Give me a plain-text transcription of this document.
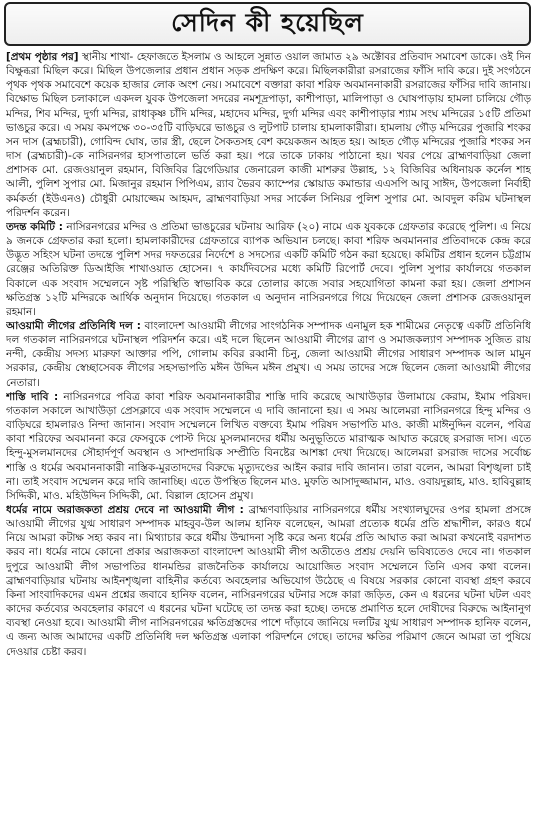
সেদিন কী হয়েছিল

[প্রথম পৃষ্ঠার পর] স্থানীয় শাখা- হেফাজতে ইসলাম ও আহলে সুন্নাত ওয়াল জামাত ২৯ অক্টোবর প্রতিবাদ সমাবেশ ডাকে। ওই দিন বিক্ষুব্ধরা মিছিল করে। মিছিল উপজেলার প্রধান প্রধান সড়ক প্রদক্ষিণ করে। মিছিলকারীরা রসরাজের ফাঁসি দাবি করে। দুই সংগঠনে পৃথক পৃথক সমাবেশে কয়েক হাজার লোক অংশ নেয়। সমাবেশে বক্তারা কাবা শরিফ অবমাননাকারী রসরাজের ফাঁসির দাবি জানায়। বিক্ষোভ মিছিল চলাকালে একদল যুবক উপজেলা সদরের নমশূদ্রপাড়া, কাশীপাড়া, মালিপাড়া ও ঘোষপাড়ায় হামলা চালিয়ে গৌড় মন্দির, শিব মন্দির, দুর্গা মন্দির, রাধাকৃষ্ণ চাঁদি মন্দির, মহাদেব মন্দির, দুর্গা মন্দির এবং কাশীপাড়ার শ্যাম সংঘ মন্দিরের ১৫টি প্রতিমা ভাঙচুর করে। এ সময় কমপক্ষে ৩০-৩৫টি বাড়িঘরে ভাঙচুর ও লুটপাট চালায় হামলাকারীরা। হামলায় গৌড় মন্দিরের পুজারি শংকর সন দাস (ব্রহ্মচারী), গোবিন্দ ঘোষ, তার স্ত্রী, ছেলে সৈকতসহ বেশ কয়েকজন আহত হয়। আহত গৌড় মন্দিরের পুজারি শংকর সন দাস (ব্রহ্মচারী)-কে নাসিরনগর হাসপাতালে ভর্তি করা হয়। পরে তাকে ঢাকায় পাঠানো হয়। খবর পেয়ে ব্রাহ্মণবাড়িয়া জেলা প্রশাসক মো. রেজওয়ানুল রহমান, বিজিবির ব্রিগেডিয়ার জেনারেল কাজী মাশরুর উল্লাহ, ১২ বিজিবির অধিনায়ক কর্নেল শাহ আলী, পুলিশ সুপার মো. মিজানুর রহমান পিপিএম, র‍্যাব ভৈরব ক্যাম্পের স্কোয়াড কমান্ডার এএসপি আবু সাঈদ, উপজেলা নির্বাহী কর্মকর্তা (ইউএনও) চৌধুরী মোয়াজ্জেম আহমদ, ব্রাহ্মণবাড়িয়া সদর সার্কেল সিনিয়র পুলিশ সুপার মো. আবদুল করিম ঘটনাস্থল পরিদর্শন করেন।

তদন্ত কমিটি : নাসিরনগরের মন্দির ও প্রতিমা ভাঙচুরের ঘটনায় আরিফ (২০) নামে এক যুবককে গ্রেফতার করেছে পুলিশ। এ নিয়ে ৯ জনকে গ্রেফতার করা হলো। হামলাকারীদের গ্রেফতারে ব্যাপক অভিযান চলছে। কাবা শরিফ অবমাননার প্রতিবাদকে কেন্দ্র করে উদ্ভূত সহিংস ঘটনা তদন্তে পুলিশ সদর দফতরের নির্দেশে ৪ সদস্যের একটি কমিটি গঠন করা হয়েছে। কমিটির প্রধান হলেন চট্টগ্রাম রেঞ্জের অতিরিক্ত ডিআইজি শাখাওয়াত হোসেন। ৭ কার্যদিবসের মধ্যে কমিটি রিপোর্ট দেবে। পুলিশ সুপার কার্যালয়ে গতকাল বিকালে এক সংবাদ সম্মেলনে সৃষ্ট পরিস্থিতি স্বাভাবিক করে তোলার কাজে সবার সহযোগিতা কামনা করা হয়। জেলা প্রশাসন ক্ষতিগ্রস্ত ১২টি মন্দিরকে আর্থিক অনুদান দিয়েছে। গতকাল এ অনুদান নাসিরনগরে গিয়ে দিয়েছেন জেলা প্রশাসক রেজওয়ানুল রহমান।

আওয়ামী লীগের প্রতিনিধি দল : বাংলাদেশ আওয়ামী লীগের সাংগঠনিক সম্পাদক এনামুল হক শামীমের নেতৃত্বে একটি প্রতিনিধি দল গতকাল নাসিরনগরে ঘটনাস্থল পরিদর্শন করে। এই দলে ছিলেন আওয়ামী লীগের ত্রাণ ও সমাজকল্যাণ সম্পাদক সুজিত রায় নন্দী, কেন্দ্রীয় সদস্য মারুফা আক্তার পপি, গোলাম কবির রব্বানী চিনু, জেলা আওয়ামী লীগের সাধারণ সম্পাদক আল মামুন সরকার, কেন্দ্রীয় স্বেচ্ছাসেবক লীগের সহসভাপতি মঈন উদ্দিন মঈন প্রমুখ। এ সময় তাদের সঙ্গে ছিলেন জেলা আওয়ামী লীগের নেতারা।

শাস্তি দাবি : নাসিরনগরে পবিত্র কাবা শরিফ অবমাননাকারীর শাস্তি দাবি করেছে আখাউড়ার উলামায়ে কেরাম, ইমাম পরিষদ। গতকাল সকালে আখাউড়া প্রেসক্লাবে এক সংবাদ সম্মেলনে এ দাবি জানানো হয়। এ সময় আলেমরা নাসিরনগরে হিন্দু মন্দির ও বাড়িঘরে হামলারও নিন্দা জানান। সংবাদ সম্মেলনে লিখিত বক্তব্যে ইমাম পরিষদ সভাপতি মাও. কাজী মাঈনুদ্দিন বলেন, পবিত্র কাবা শরিফের অবমাননা করে ফেসবুকে পোস্ট দিয়ে মুসলমানদের ধর্মীয় অনুভূতিতে মারাত্মক আঘাত করেছে রসরাজ দাস। এতে হিন্দু-মুসলমানদের সৌহার্দপূর্ণ অবস্থান ও সাম্প্রদায়িক সম্প্রীতি বিনষ্টের আশঙ্কা দেখা দিয়েছে। আলেমরা রসরাজ দাসের সর্বোচ্চ শাস্তি ও ধর্মের অবমাননাকারী নাস্তিক-মুরতাদদের বিরুদ্ধে মৃত্যুদণ্ডের আইন করার দাবি জানান। তারা বলেন, আমরা বিশৃঙ্খলা চাই না। তাই সংবাদ সম্মেলন করে দাবি জানাচ্ছি। এতে উপস্থিত ছিলেন মাও. মুফতি আসাদুজ্জামান, মাও. ওবায়দুল্লাহ, মাও. হাবিবুল্লাহ সিদ্দিকী, মাও. মহিউদ্দিন সিদ্দিকী, মো. বিল্লাল হোসেন প্রমুখ।

ধর্মের নামে অরাজকতা প্রশ্রয় দেবে না আওয়ামী লীগ : ব্রাহ্মণবাড়িয়ার নাসিরনগরে ধর্মীয় সংখ্যালঘুদের ওপর হামলা প্রসঙ্গে আওয়ামী লীগের যুগ্ম সাধারণ সম্পাদক মাহবুব-উল আলম হানিফ বলেছেন, আমরা প্রত্যেক ধর্মের প্রতি শ্রদ্ধাশীল, কারও ধর্মে নিয়ে আমরা কটাক্ষ সহ্য করব না। মিথ্যাচার করে ধর্মীয় উন্মাদনা সৃষ্টি করে অন্য ধর্মের প্রতি আঘাত করা আমরা কখনোই বরদাশত করব না। ধর্মের নামে কোনো প্রকার অরাজকতা বাংলাদেশ আওয়ামী লীগ অতীতেও প্রশ্রয় দেয়নি ভবিষ্যতেও দেবে না। গতকাল দুপুরে আওয়ামী লীগ সভাপতির ধানমন্ডির রাজনৈতিক কার্যালয়ে আয়োজিত সংবাদ সম্মেলনে তিনি এসব কথা বলেন। ব্রাহ্মণবাড়িয়ার ঘটনায় আইনশৃঙ্খলা বাহিনীর কর্তব্যে অবহেলার অভিযোগ উঠেছে এ বিষয়ে সরকার কোনো ব্যবস্থা গ্রহণ করবে কিনা সাংবাদিকদের এমন প্রশ্নের জবাবে হানিফ বলেন, নাসিরনগরের ঘটনার সঙ্গে কারা জড়িত, কেন এ ধরনের ঘটনা ঘটল এবং কাদের কর্তব্যের অবহেলার কারণে এ ধরনের ঘটনা ঘটেছে তা তদন্ত করা হচ্ছে। তদন্তে প্রমাণিত হলে দোষীদের বিরুদ্ধে আইনানুগ ব্যবস্থা নেওয়া হবে। আওয়ামী লীগ নাসিরনগরের ক্ষতিগ্রস্তদের পাশে দাঁড়াবে জানিয়ে দলটির যুগ্ম সাধারণ সম্পাদক হানিফ বলেন, এ জন্য আজ আমাদের একটি প্রতিনিধি দল ক্ষতিগ্রস্ত এলাকা পরিদর্শনে গেছে। তাদের ক্ষতির পরিমাণ জেনে আমরা তা পুষিয়ে দেওয়ার চেষ্টা করব।
